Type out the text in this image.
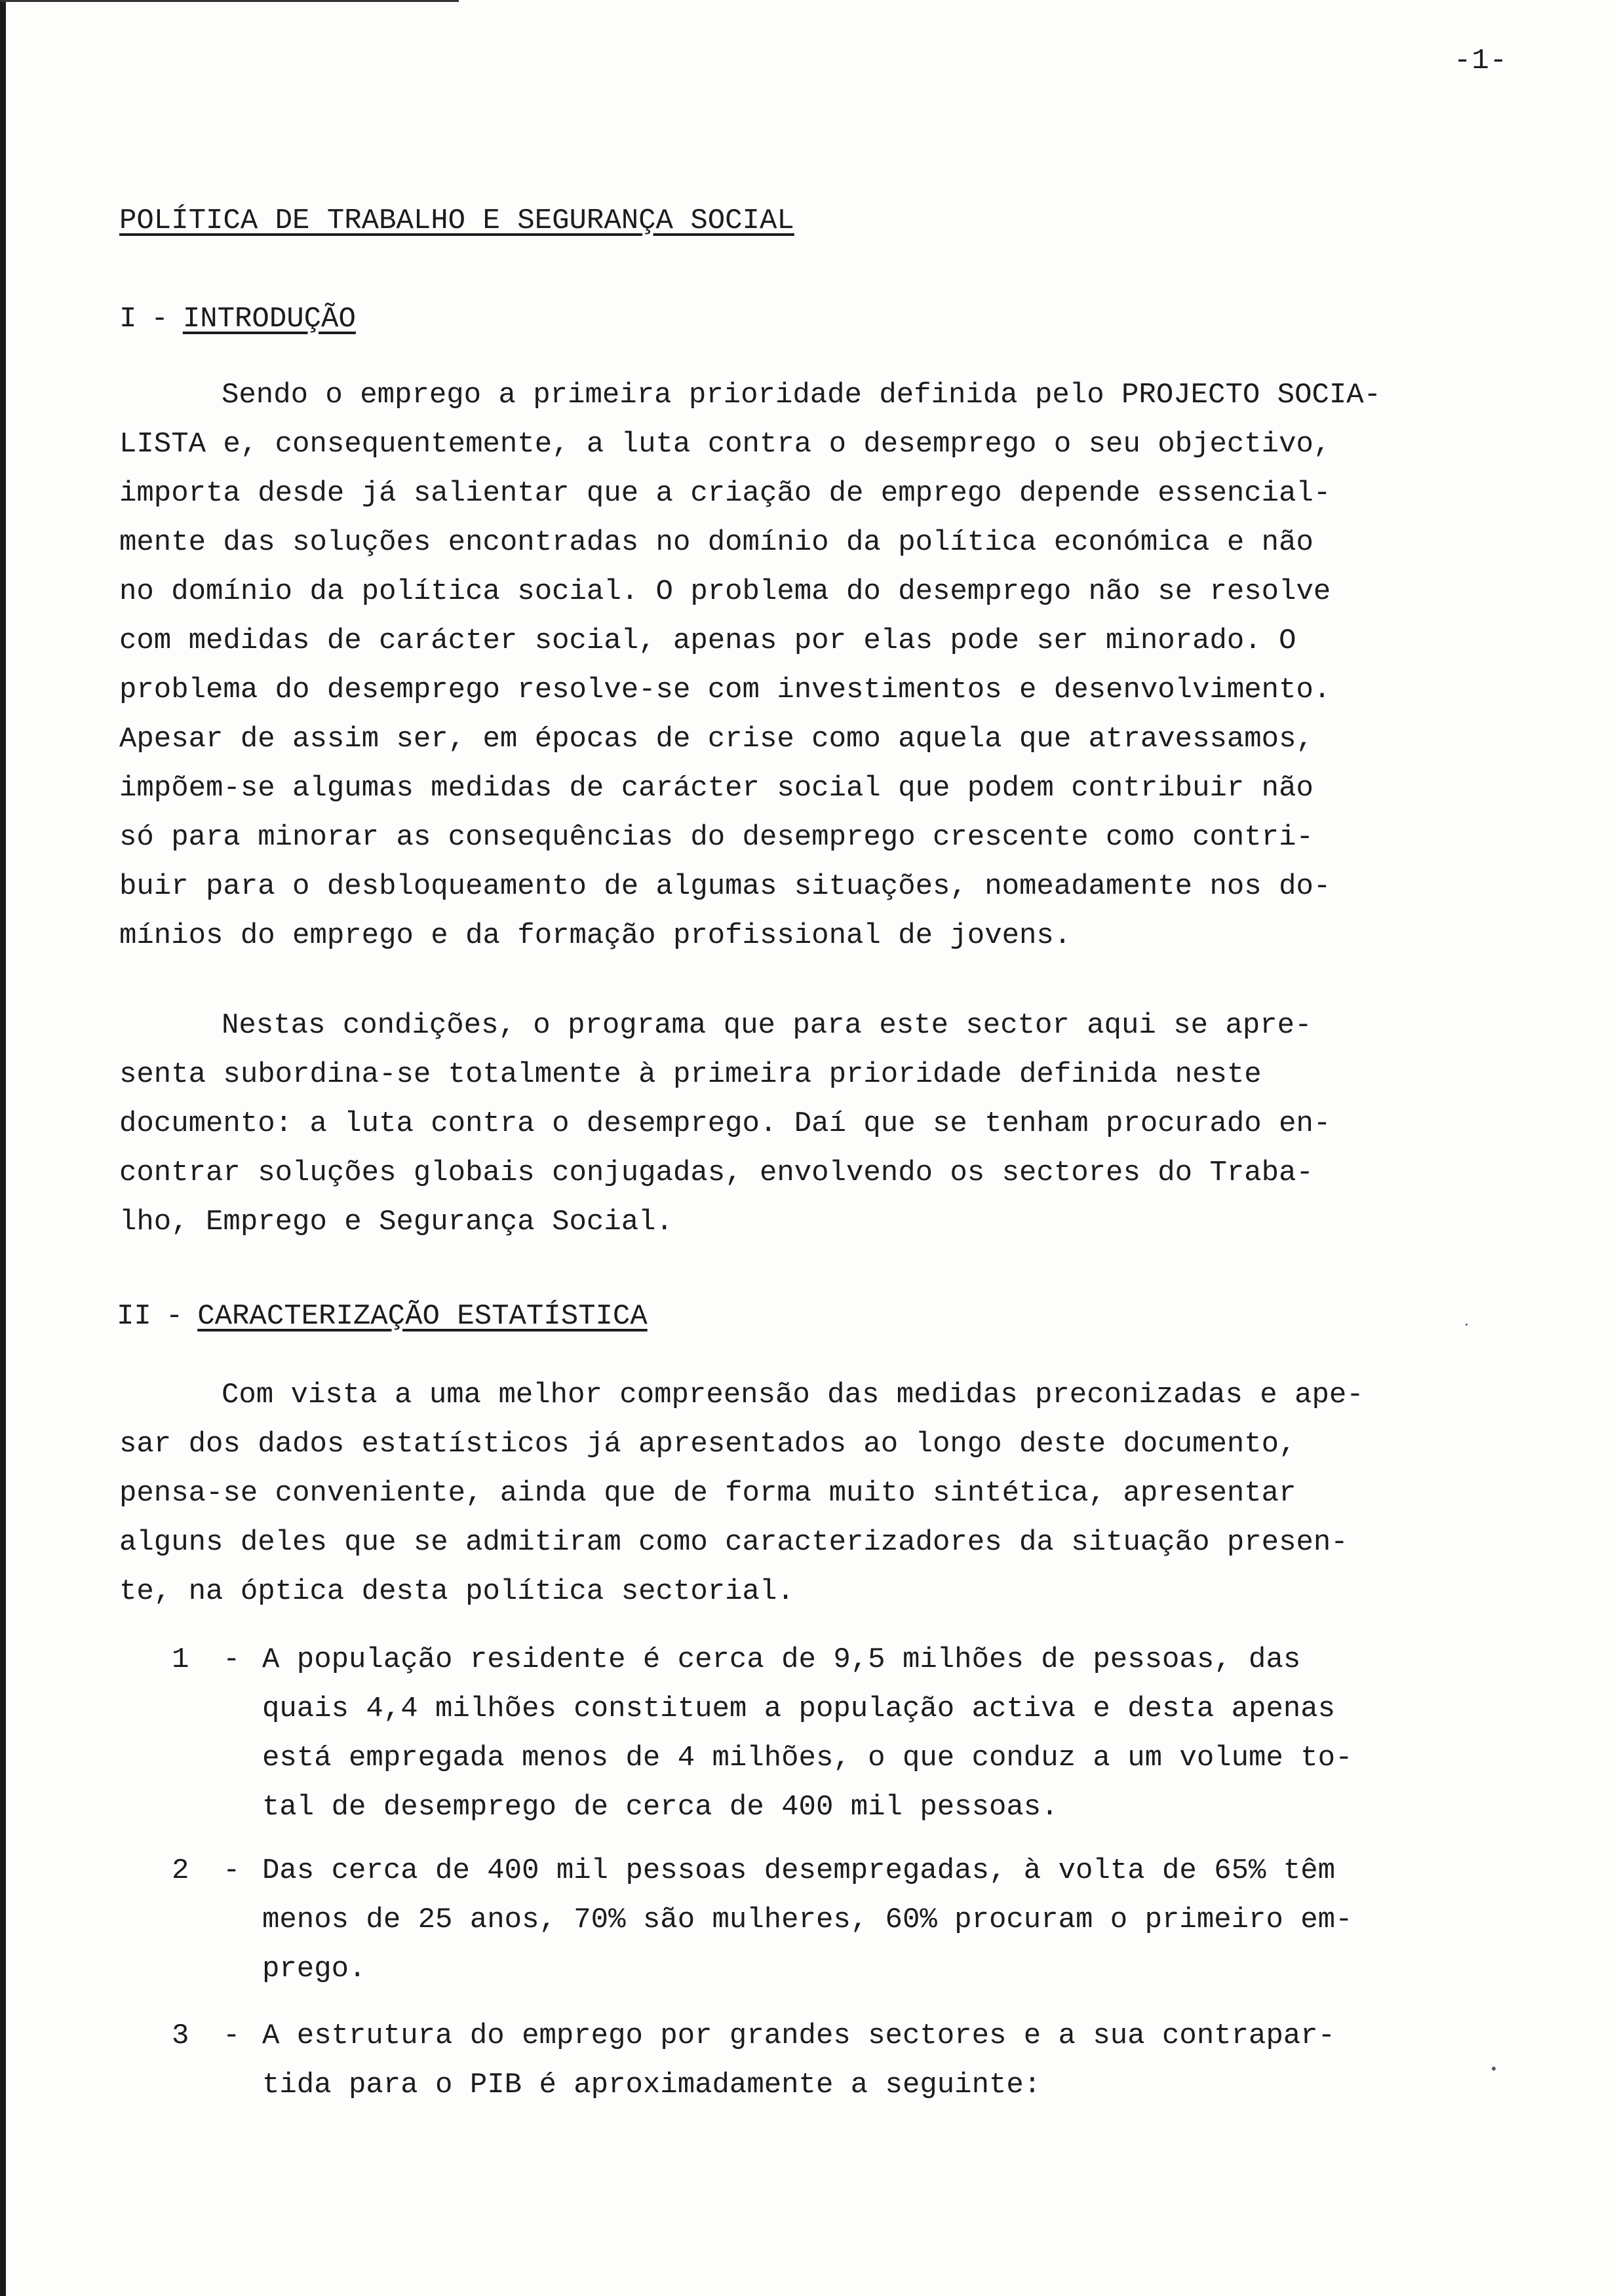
-1-
POLÍTICA DE TRABALHO E SEGURANÇA SOCIAL
I - INTRODUÇÃO
Sendo o emprego a primeira prioridade definida pelo PROJECTO SOCIA-
LISTA e, consequentemente, a luta contra o desemprego o seu objectivo,
importa desde já salientar que a criação de emprego depende essencial-
mente das soluções encontradas no domínio da política económica e não
no domínio da política social. O problema do desemprego não se resolve
com medidas de carácter social, apenas por elas pode ser minorado. O
problema do desemprego resolve-se com investimentos e desenvolvimento.
Apesar de assim ser, em épocas de crise como aquela que atravessamos,
impõem-se algumas medidas de carácter social que podem contribuir não
só para minorar as consequências do desemprego crescente como contri-
buir para o desbloqueamento de algumas situações, nomeadamente nos do-
mínios do emprego e da formação profissional de jovens.
Nestas condições, o programa que para este sector aqui se apre-
senta subordina-se totalmente à primeira prioridade definida neste
documento: a luta contra o desemprego. Daí que se tenham procurado en-
contrar soluções globais conjugadas, envolvendo os sectores do Traba-
lho, Emprego e Segurança Social.
II - CARACTERIZAÇÃO ESTATÍSTICA
Com vista a uma melhor compreensão das medidas preconizadas e ape-
sar dos dados estatísticos já apresentados ao longo deste documento,
pensa-se conveniente, ainda que de forma muito sintética, apresentar
alguns deles que se admitiram como caracterizadores da situação presen-
te, na óptica desta política sectorial.
1 - A população residente é cerca de 9,5 milhões de pessoas, das
quais 4,4 milhões constituem a população activa e desta apenas
está empregada menos de 4 milhões, o que conduz a um volume to-
tal de desemprego de cerca de 400 mil pessoas.
2 - Das cerca de 400 mil pessoas desempregadas, à volta de 65% têm
menos de 25 anos, 70% são mulheres, 60% procuram o primeiro em-
prego.
3 - A estrutura do emprego por grandes sectores e a sua contrapar-
tida para o PIB é aproximadamente a seguinte:
